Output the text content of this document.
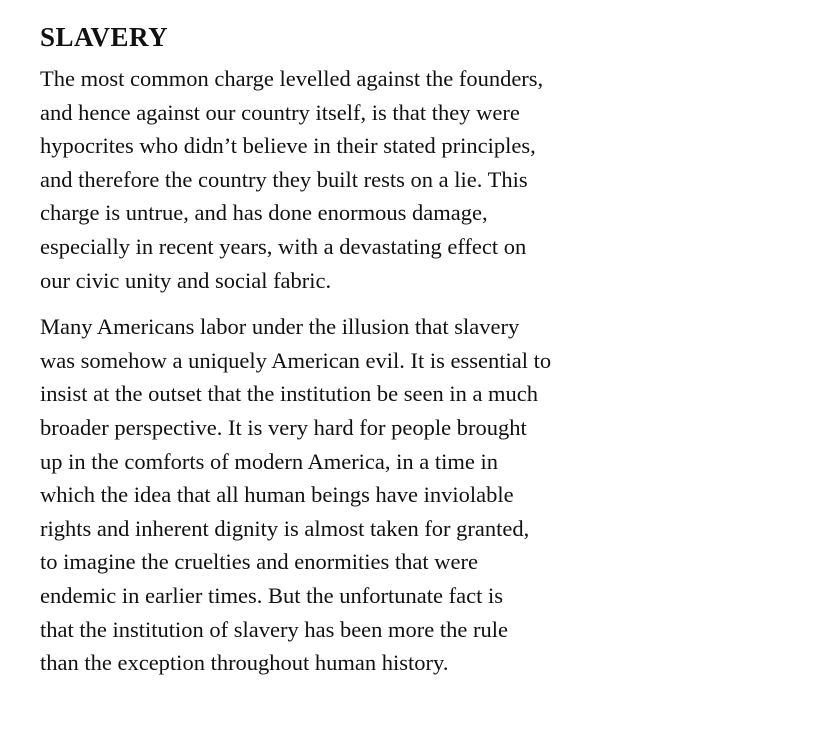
SLAVERY

The most common charge levelled against the founders,
and hence against our country itself, is that they were
hypocrites who didn’t believe in their stated principles,
and therefore the country they built rests on a lie. This
charge is untrue, and has done enormous damage,
especially in recent years, with a devastating effect on
our civic unity and social fabric.

Many Americans labor under the illusion that slavery
was somehow a uniquely American evil. It is essential to
insist at the outset that the institution be seen in a much
broader perspective. It is very hard for people brought
up in the comforts of modern America, in a time in
which the idea that all human beings have inviolable
rights and inherent dignity is almost taken for granted,
to imagine the cruelties and enormities that were
endemic in earlier times. But the unfortunate fact is
that the institution of slavery has been more the rule
than the exception throughout human history.
